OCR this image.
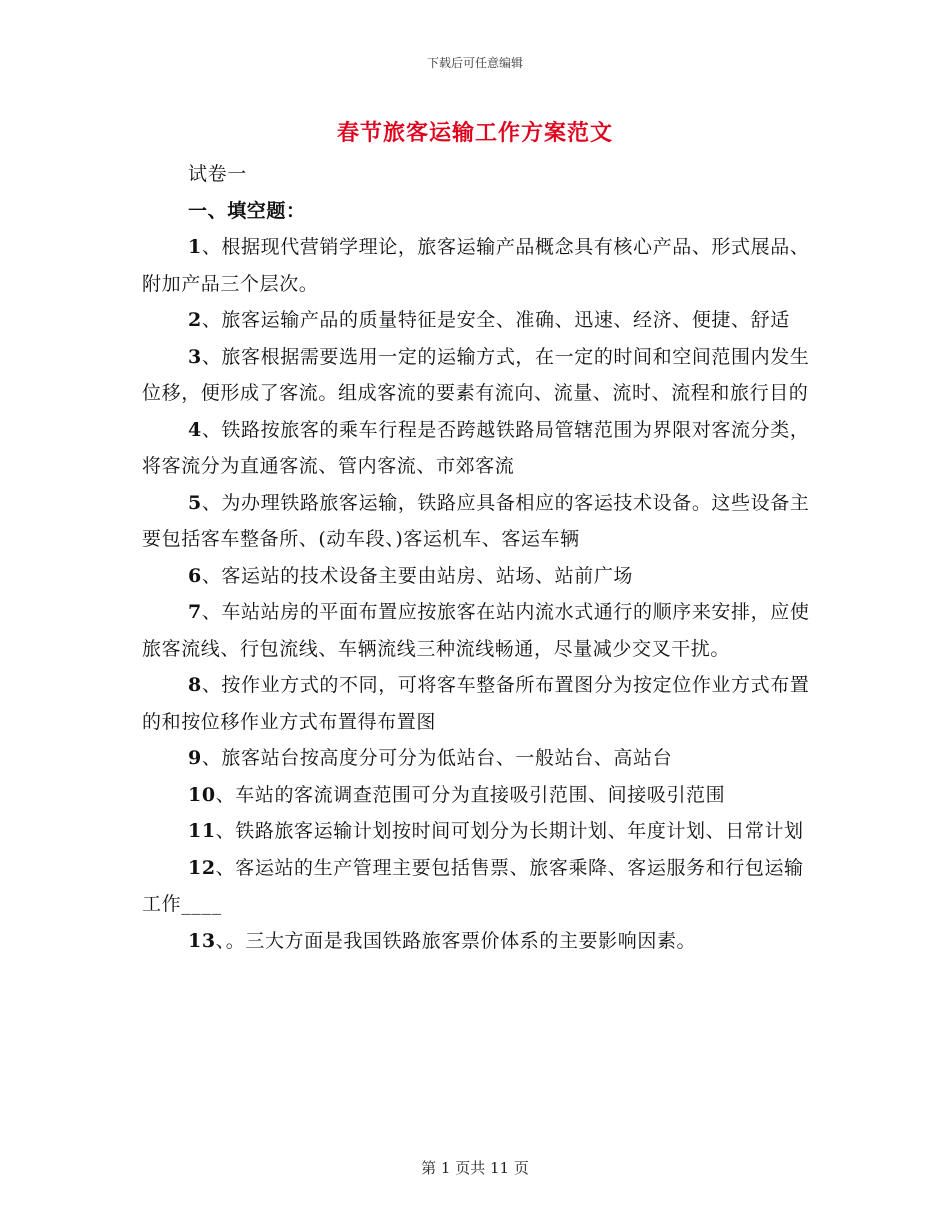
下载后可任意编辑
春节旅客运输工作方案范文

试卷一

一、填空题：

1、根据现代营销学理论，旅客运输产品概念具有核心产品、形式展品、附加产品三个层次。

2、旅客运输产品的质量特征是安全、准确、迅速、经济、便捷、舒适

3、旅客根据需要选用一定的运输方式，在一定的时间和空间范围内发生位移，便形成了客流。组成客流的要素有流向、流量、流时、流程和旅行目的

4、铁路按旅客的乘车行程是否跨越铁路局管辖范围为界限对客流分类，将客流分为直通客流、管内客流、市郊客流

5、为办理铁路旅客运输，铁路应具备相应的客运技术设备。这些设备主要包括客车整备所、(动车段、)客运机车、客运车辆

6、客运站的技术设备主要由站房、站场、站前广场

7、车站站房的平面布置应按旅客在站内流水式通行的顺序来安排，应使旅客流线、行包流线、车辆流线三种流线畅通，尽量减少交叉干扰。

8、按作业方式的不同，可将客车整备所布置图分为按定位作业方式布置的和按位移作业方式布置得布置图

9、旅客站台按高度分可分为低站台、一般站台、高站台

10、车站的客流调查范围可分为直接吸引范围、间接吸引范围

11、铁路旅客运输计划按时间可划分为长期计划、年度计划、日常计划

12、客运站的生产管理主要包括售票、旅客乘降、客运服务和行包运输工作____

13、。三大方面是我国铁路旅客票价体系的主要影响因素。

第 1 页共 11 页
